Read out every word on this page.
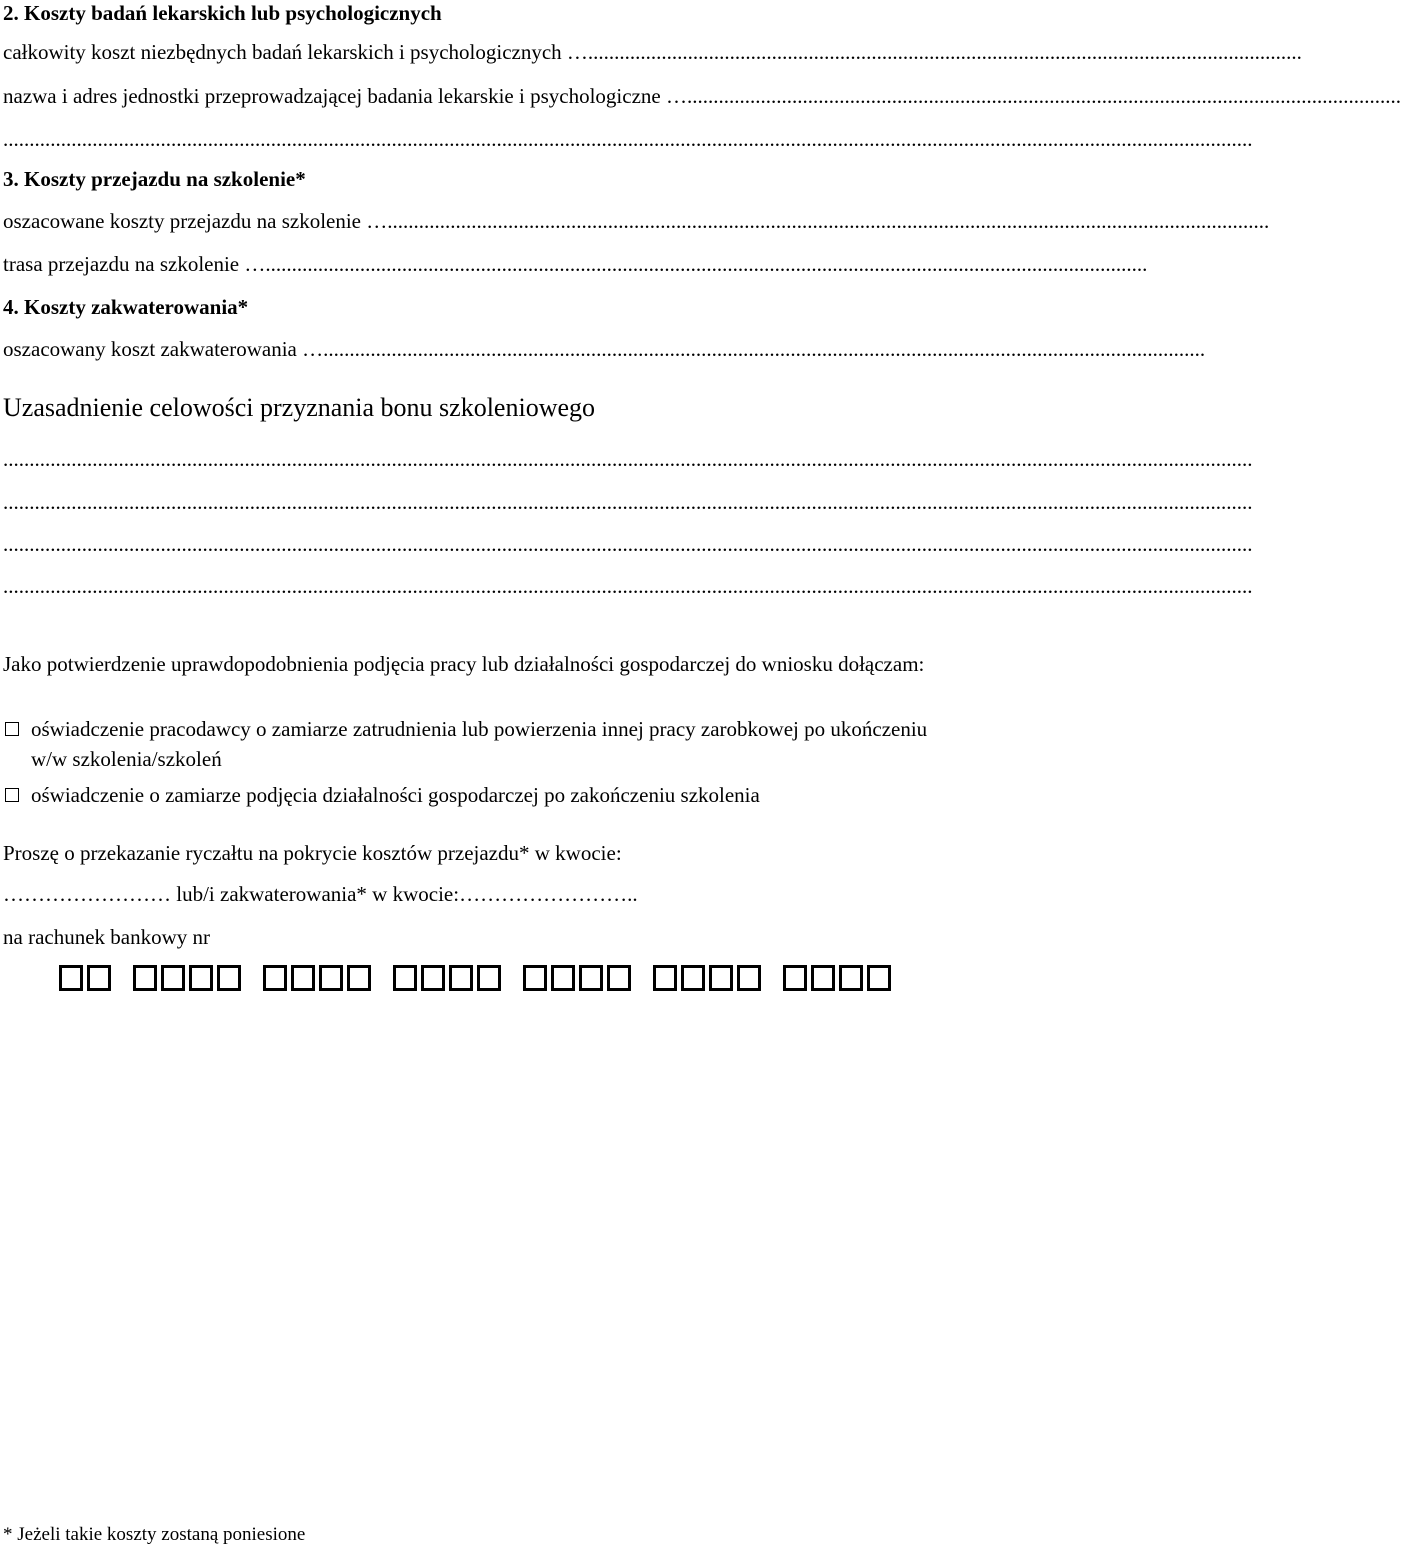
2. Koszty badań lekarskich lub psychologicznych
całkowity koszt niezbędnych badań lekarskich i psychologicznych …........................................................................................................................................
nazwa i adres jednostki przeprowadzającej badania lekarskie i psychologiczne …........................................................................................................................................
..............................................................................................................................................................................................................................................
3. Koszty przejazdu na szkolenie*
oszacowane koszty przejazdu na szkolenie …........................................................................................................................................................................
trasa przejazdu na szkolenie …........................................................................................................................................................................
4. Koszty zakwaterowania*
oszacowany koszt zakwaterowania …........................................................................................................................................................................
Uzasadnienie celowości przyznania bonu szkoleniowego
..............................................................................................................................................................................................................................................
..............................................................................................................................................................................................................................................
..............................................................................................................................................................................................................................................
..............................................................................................................................................................................................................................................
Jako potwierdzenie uprawdopodobnienia podjęcia pracy lub działalności gospodarczej do wniosku dołączam:
oświadczenie pracodawcy o zamiarze zatrudnienia lub powierzenia innej pracy zarobkowej po ukończeniu w/w szkolenia/szkoleń
oświadczenie o zamiarze podjęcia działalności gospodarczej po zakończeniu szkolenia
Proszę o przekazanie ryczałtu na pokrycie kosztów przejazdu* w kwocie:
…………………… lub/i zakwaterowania* w kwocie:……………………..
na rachunek bankowy nr
* Jeżeli takie koszty zostaną poniesione
